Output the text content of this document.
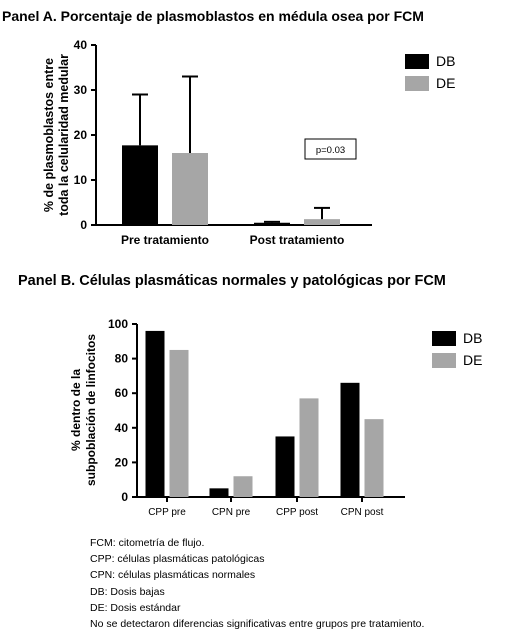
Panel A. Porcentaje de plasmoblastos en médula osea por FCM
Panel B. Células plasmáticas normales y patológicas por FCM
0
10
20
30
40
% de plasmoblastos entretoda la celularidad medular
Pre tratamiento	Post tratamiento
p=0.03
DB
DE
0
20
40
60
80
100
% dentro de lasubpoblación de linfocitos
CPP pre	CPN pre	CPP post CPN post
DB
DE
FCM: citometría de flujo.
CPP: células plasmáticas patológicas
CPN: células plasmáticas normales
DB: Dosis bajas
DE: Dosis estándar
No se detectaron diferencias significativas entre grupos pre tratamiento.
